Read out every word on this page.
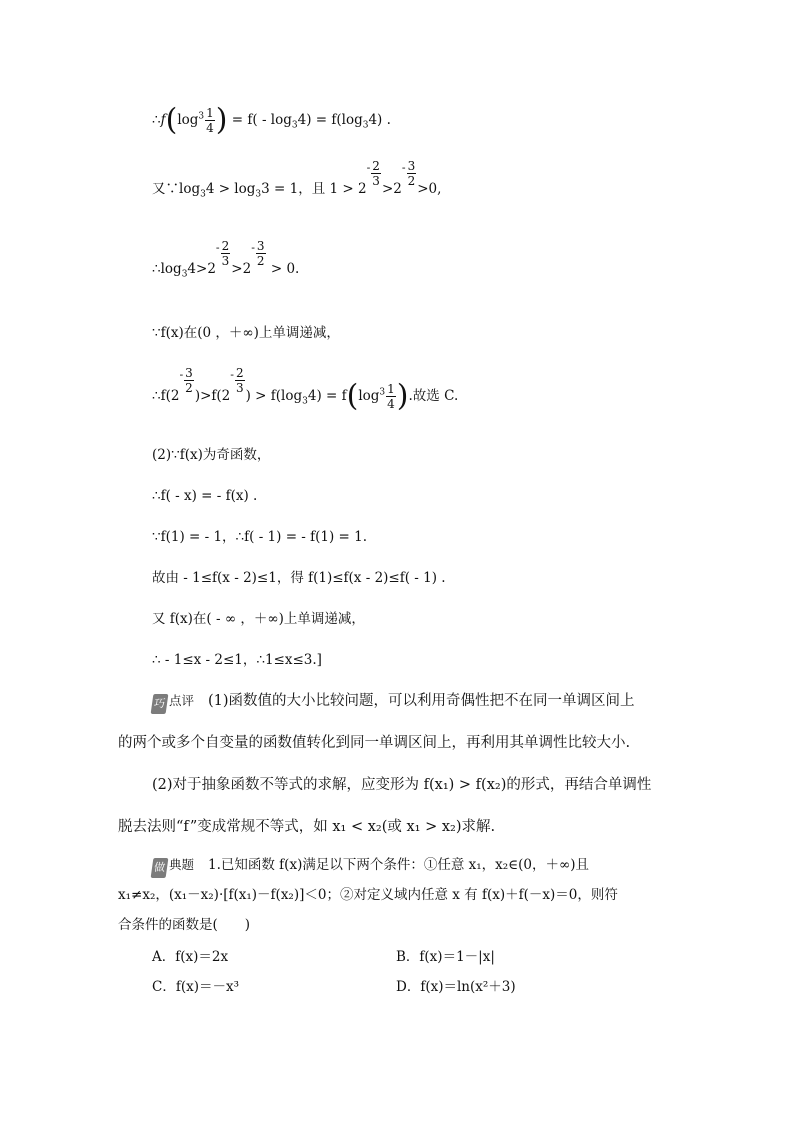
$\therefore f(\log^3 \frac{1}{4}$ ) = $f( - \log_34) = f(\log_34)$ .
又$\because\log_34 > \log_33 = 1$，且 1 > 2
- $\frac{2}{3}$
>2
- $\frac{3}{2}$
>0,
$\therefore\log_34>2$
- $\frac{2}{3}$
>2
- $\frac{3}{2}$
> 0.
∵f(x)在(0 ，＋∞)上单调递减，
∴f(2
- $\frac{3}{2}$
)>f(2
- $\frac{2}{3}$
) > $f(\log_34) = f(\log^3 \frac{1}{4}$ ).故选 C.
(2)∵f(x)为奇函数，
∴f( - x) = - f(x) .
∵f(1) = - 1，∴f( - 1) = - f(1) = 1.
故由 - 1≤f(x - 2)≤1，得 f(1)≤f(x - 2)≤f( - 1) .
又 f(x)在( - ∞ ，＋∞)上单调递减，
∴ - 1≤x - 2≤1，∴1≤x≤3.]
巧 点评 (1)函数值的大小比较问题，可以利用奇偶性把不在同一单调区间上
的两个或多个自变量的函数值转化到同一单调区间上，再利用其单调性比较大小.
(2)对于抽象函数不等式的求解，应变形为 f(x₁) > f(x₂)的形式，再结合单调性
脱去法则“f”变成常规不等式，如 x₁ < x₂(或 x₁ > x₂)求解.
做 典题 1.已知函数 f(x)满足以下两个条件：①任意 x₁，x₂∈(0，＋∞)且
x₁≠x₂，(x₁－x₂)·[f(x₁)－f(x₂)]＜0；②对定义域内任意 x 有 f(x)＋f(－x)＝0，则符
合条件的函数是(　　)
A．f(x)＝2x	B．f(x)＝1－|x|
C．f(x)＝－x³	D．f(x)＝ln(x²＋3)
